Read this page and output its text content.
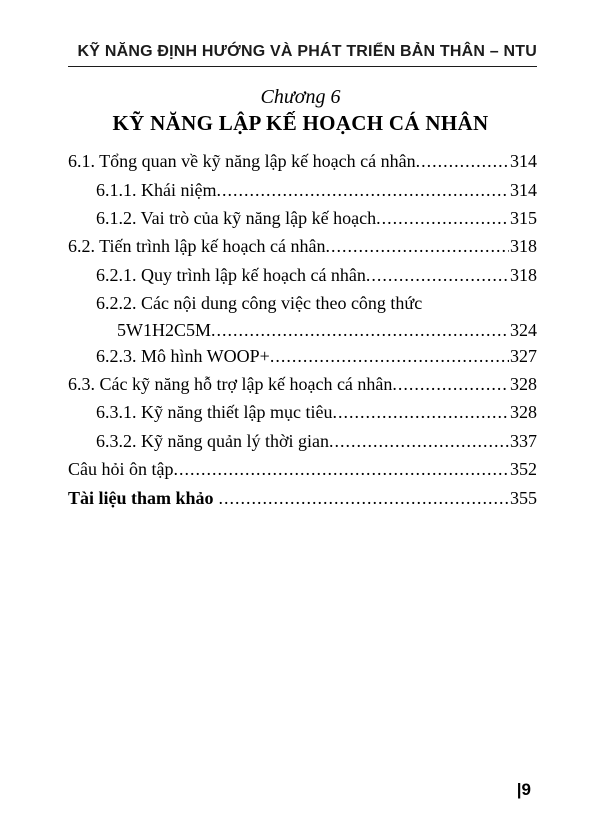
KỸ NĂNG ĐỊNH HƯỚNG VÀ PHÁT TRIỂN BẢN THÂN – NTU
Chương 6
KỸ NĂNG LẬP KẾ HOẠCH CÁ NHÂN
6.1. Tổng quan về kỹ năng lập kế hoạch cá nhân .....	314
6.1.1. Khái niệm .....	314
6.1.2. Vai trò của kỹ năng lập kế hoạch .....	315
6.2. Tiến trình lập kế hoạch cá nhân .....	318
6.2.1. Quy trình lập kế hoạch cá nhân .....	318
6.2.2. Các nội dung công việc theo công thức
5W1H2C5M .....	324
6.2.3. Mô hình WOOP+ .....	327
6.3. Các kỹ năng hỗ trợ lập kế hoạch cá nhân .....	328
6.3.1. Kỹ năng thiết lập mục tiêu .....	328
6.3.2. Kỹ năng quản lý thời gian .....	337
Câu hỏi ôn tập .....	352
Tài liệu tham khảo .....	355
|9
